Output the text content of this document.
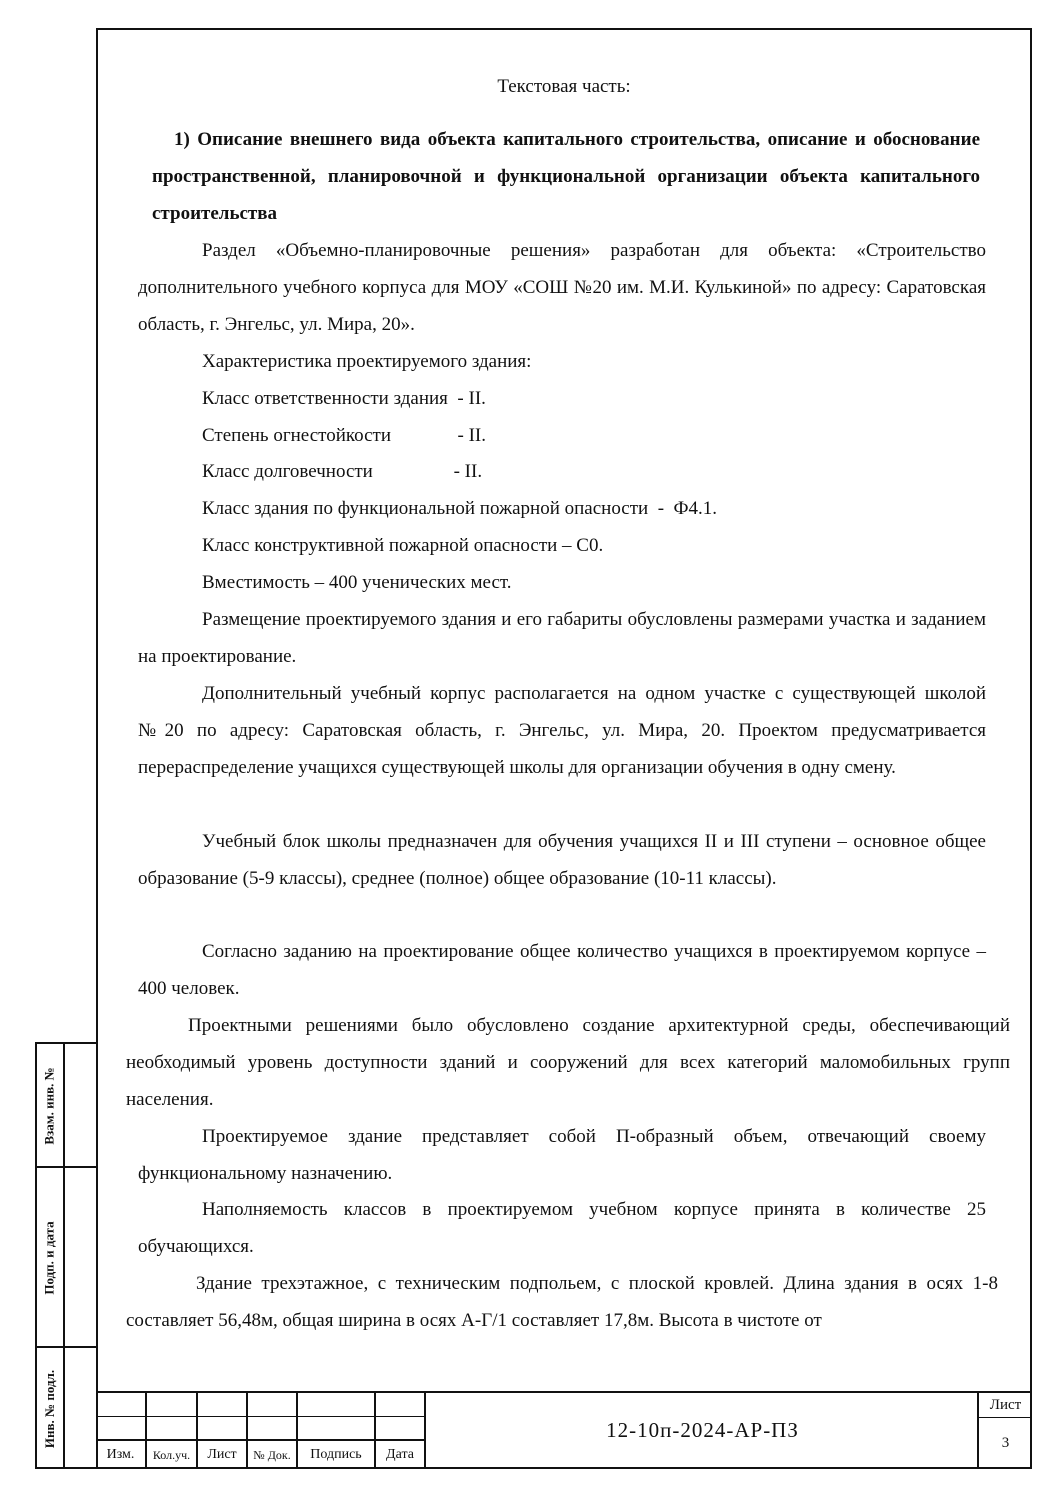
Текстовая часть:
1) Описание внешнего вида объекта капитального строительства, описание и обоснование пространственной, планировочной и функциональной организации объекта капитального строительства
Раздел «Объемно-планировочные решения» разработан для объекта: «Строительство дополнительного учебного корпуса для МОУ «СОШ №20 им. М.И. Кулькиной» по адресу: Саратовская область, г. Энгельс, ул. Мира, 20».
Характеристика проектируемого здания:
Класс ответственности здания  - II.
Степень огнестойкости              - II.
Класс долговечности                 - II.
Класс здания по функциональной пожарной опасности  -  Ф4.1.
Класс конструктивной пожарной опасности – С0.
Вместимость – 400 ученических мест.
Размещение проектируемого здания и его габариты обусловлены размерами участка и заданием на проектирование.
Дополнительный учебный корпус располагается на одном участке с существующей школой №20 по адресу: Саратовская область, г. Энгельс, ул. Мира, 20. Проектом предусматривается перераспределение учащихся существующей школы для организации обучения в одну смену.
Учебный блок школы предназначен для обучения учащихся II и III ступени – основное общее образование (5-9 классы), среднее (полное) общее образование (10-11 классы).
Согласно заданию на проектирование общее количество учащихся в проектируемом корпусе – 400 человек.
Проектными решениями было обусловлено создание архитектурной среды, обеспечивающий необходимый уровень доступности зданий и сооружений для всех категорий маломобильных групп населения.
Проектируемое здание представляет собой П-образный объем, отвечающий своему функциональному назначению.
Наполняемость классов в проектируемом учебном корпусе принята в количестве 25 обучающихся.
Здание трехэтажное, с техническим подпольем, с плоской кровлей. Длина здания в осях 1-8 составляет 56,48м, общая ширина в осях А-Г/1 составляет 17,8м. Высота в чистоте от
Взам. инв. №
Подп. и дата
Инв. № подл.
Изм.	Кол.уч.	Лист	№ Док.	Подпись	Дата
12-10п-2024-АР-ПЗ
Лист
3
